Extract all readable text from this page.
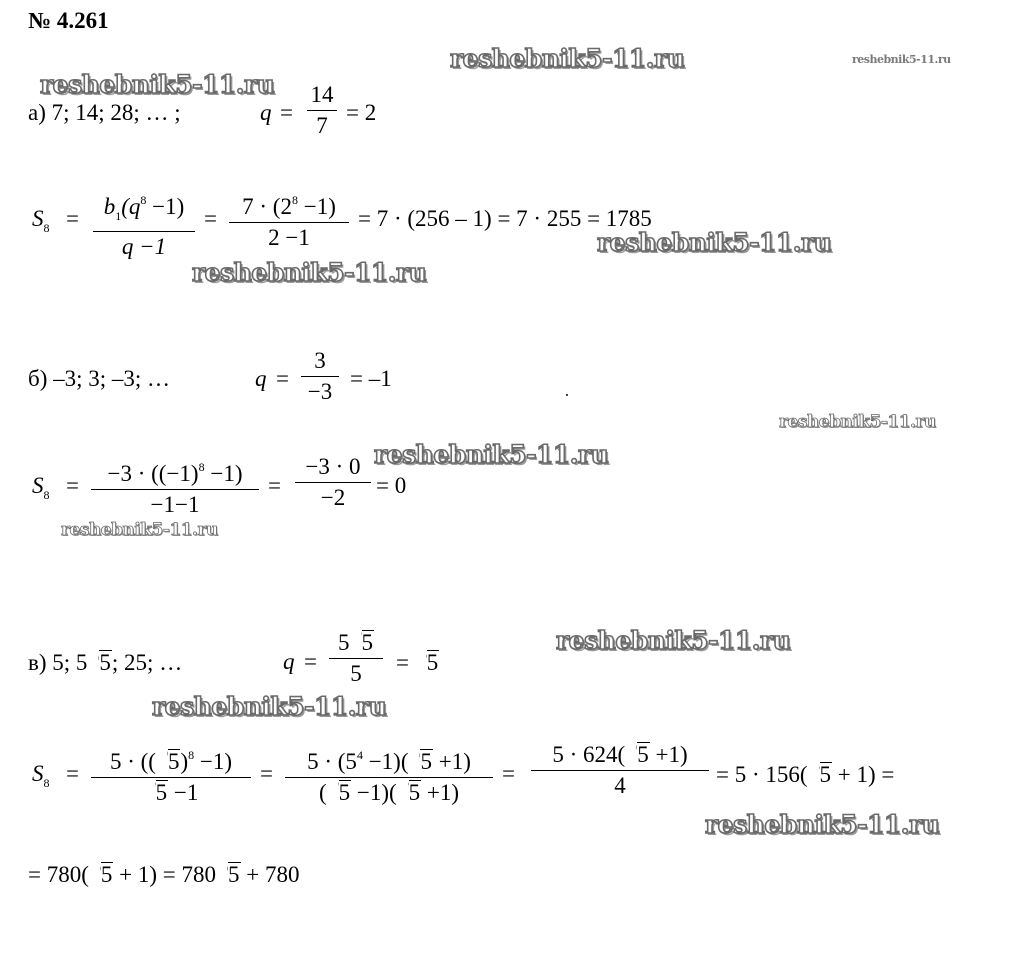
№ 4.261
reshebnik5-11.ru	reshebnik5-11.ru
reshebnik5-11.ru
reshebnik5-11.ru
reshebnik5-11.ru
reshebnik5-11.ru
reshebnik5-11.ru
reshebnik5-11.ru
reshebnik5-11.ru
reshebnik5-11.ru
reshebnik5-11.ru
а) 7; 14; 28; … ;	q =
14
7
= 2
$S_8$ =	$b_1(q^8 -1)$
q −1
=	$7 \cdot (2^8 -1)$
2 −1
= 7 · (256 – 1) = 7 · 255 = 1785
б) –3; 3; –3; …	q =
3
−3
= –1
$S_8$ =	$-3 \cdot ((-1)^8 -1)$
−1−1
=
−3 · 0
−2	= 0
в) 5; 5 5; 25; …	q =
5 5
5	= 5
$S_8$ =	5 · (( 5)$^8$ −1)
5 −1
=	$5 \cdot (5^4 -1)$( 5 +1)
( 5 −1)( 5 +1)
=
5 · 624( 5 +1)
4	= 5 · 156( 5 + 1) =
= 780( 5 + 1) = 780 5 + 780
